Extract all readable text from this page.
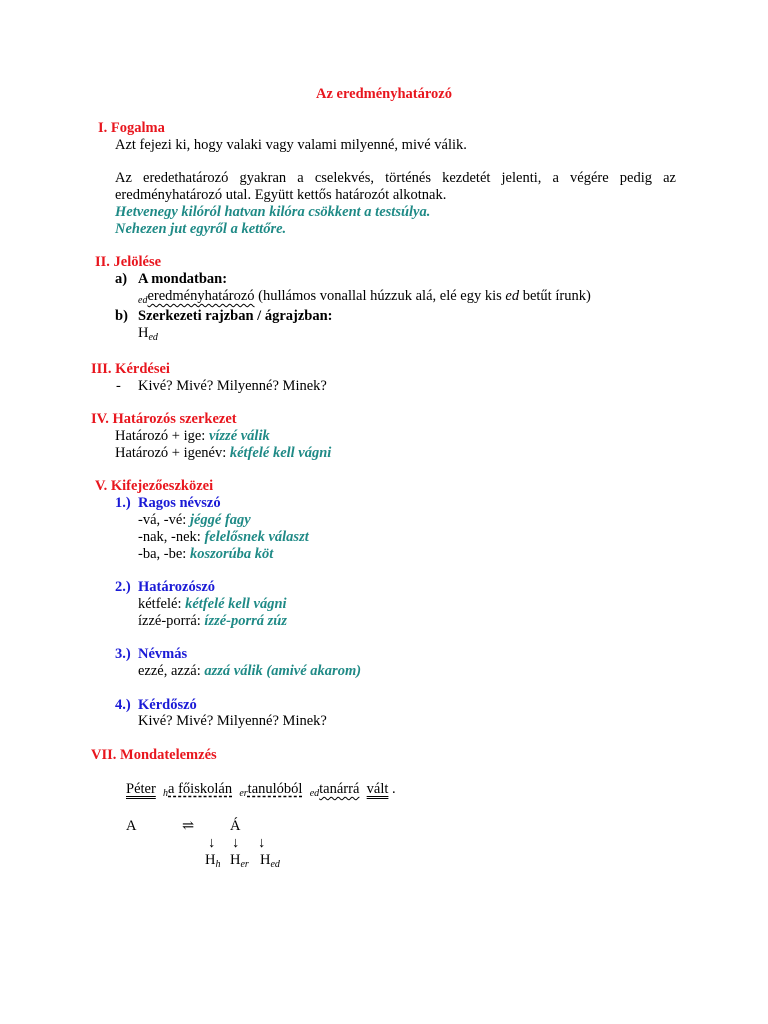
Az eredményhatározó
I. Fogalma
Azt fejezi ki, hogy valaki vagy valami milyenné, mivé válik.
Az eredethatározó gyakran a cselekvés, történés kezdetét jelenti, a végére pedig az
eredményhatározó utal. Együtt kettős határozót alkotnak.
Hetvenegy kilóról hatvan kilóra csökkent a testsúlya.
Nehezen jut egyről a kettőre.
II. Jelölése
a) A mondatban:
$_{ed}$eredményhatározó (hullámos vonallal húzzuk alá, elé egy kis ed betűt írunk)
b) Szerkezeti rajzban / ágrajzban:
$H_{ed}$
III. Kérdései
- Kivé? Mivé? Milyenné? Minek?
IV. Határozós szerkezet
Határozó + ige: vízzé válik
Határozó + igenév: kétfelé kell vágni
V. Kifejezőeszközei
1.) Ragos névszó
-vá, -vé: jéggé fagy
-nak, -nek: felelősnek választ
-ba, -be: koszorúba köt
2.) Határozószó
kétfelé: kétfelé kell vágni
ízzé-porrá: ízzé-porrá zúz
3.) Névmás
ezzé, azzá: azzá válik (amivé akarom)
4.) Kérdőszó
Kivé? Mivé? Milyenné? Minek?
VII. Mondatelemzés
Péter $_h$a főiskolán $_{er}$tanulóból $_{ed}$tanárrá vált .
A	⇌ Á
↓ ↓ ↓
$H_h$ $H_{er}$ $H_{ed}$
